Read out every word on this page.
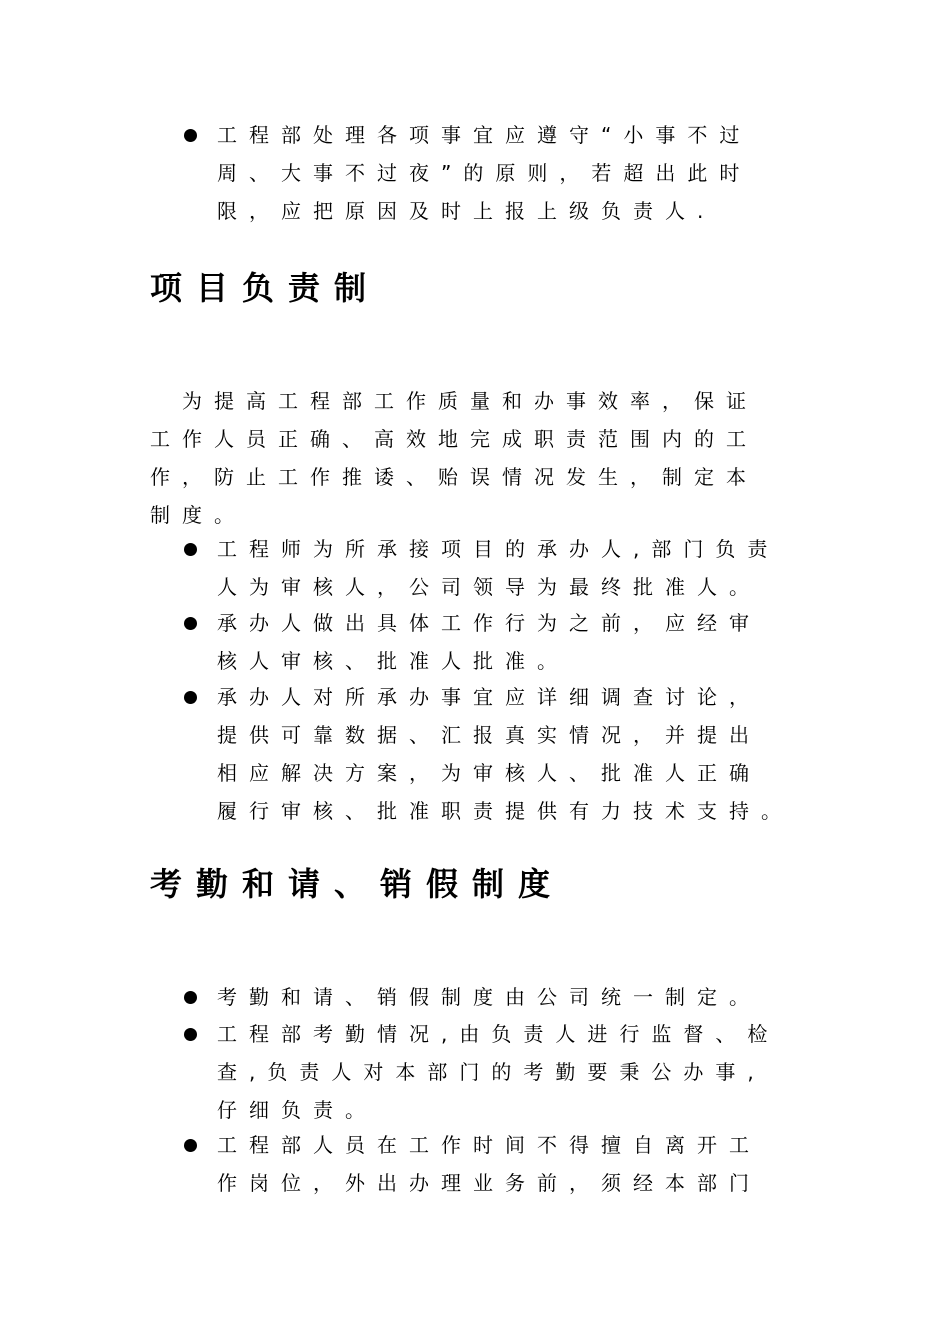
工程部处理各项事宜应遵守“小事不过
周、大事不过夜”的原则，若超出此时
限，应把原因及时上报上级负责人.
项目负责制
为提高工程部工作质量和办事效率，保证
工作人员正确、高效地完成职责范围内的工
作，防止工作推诿、贻误情况发生，制定本
制度。
工程师为所承接项目的承办人,部门负责
人为审核人，公司领导为最终批准人。
承办人做出具体工作行为之前，应经审
核人审核、批准人批准。
承办人对所承办事宜应详细调查讨论，
提供可靠数据、汇报真实情况，并提出
相应解决方案，为审核人、批准人正确
履行审核、批准职责提供有力技术支持。
考勤和请、销假制度
考勤和请、销假制度由公司统一制定。
工程部考勤情况,由负责人进行监督、检
查,负责人对本部门的考勤要秉公办事,
仔细负责。
工程部人员在工作时间不得擅自离开工
作岗位，外出办理业务前，须经本部门
